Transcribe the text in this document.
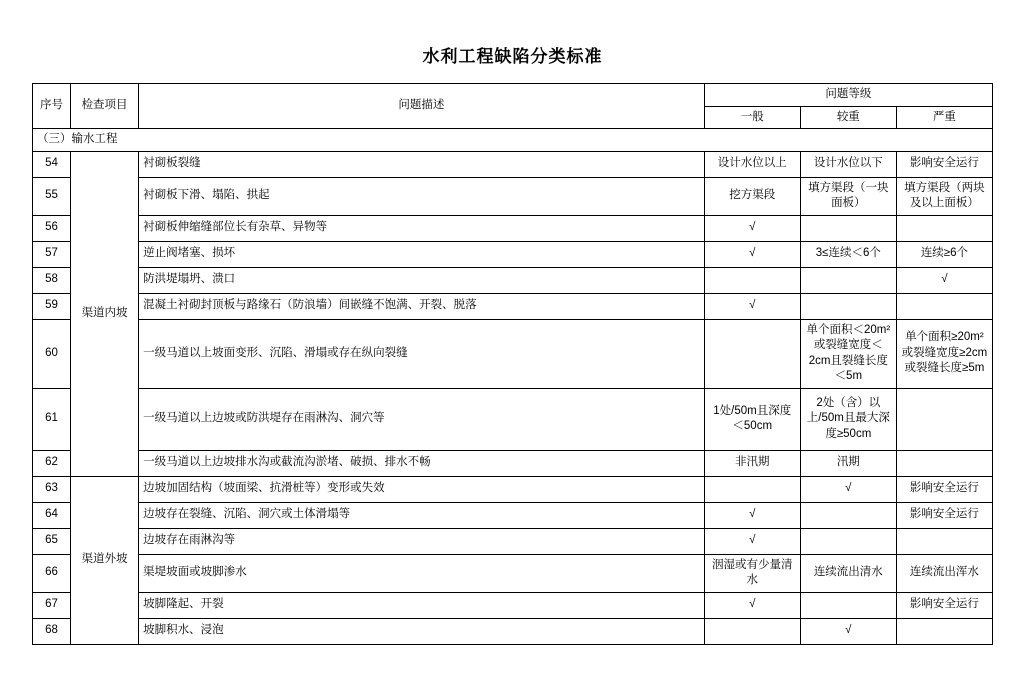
水利工程缺陷分类标准
序号	检查项目	问题描述	问题等级		
			一般	较重	严重
（三）输水工程					
54	渠道内坡	衬砌板裂缝	设计水位以上	设计水位以下	影响安全运行
55		衬砌板下滑、塌陷、拱起	挖方渠段	填方渠段（一块面板）	填方渠段（两块及以上面板）
56		衬砌板伸缩缝部位长有杂草、异物等	√		
57		逆止阀堵塞、损坏	√	3≤连续＜6个	连续≥6个
58		防洪堤塌坍、溃口			√
59		混凝土衬砌封顶板与路缘石（防浪墙）间嵌缝不饱满、开裂、脱落	√		
60		一级马道以上坡面变形、沉陷、滑塌或存在纵向裂缝		单个面积＜20m²或裂缝宽度＜2cm且裂缝长度＜5m	单个面积≥20m²或裂缝宽度≥2cm或裂缝长度≥5m
61		一级马道以上边坡或防洪堤存在雨淋沟、洞穴等	1处/50m且深度＜50cm	2处（含）以上/50m且最大深度≥50cm	
62		一级马道以上边坡排水沟或截流沟淤堵、破损、排水不畅	非汛期	汛期	
63	渠道外坡	边坡加固结构（坡面梁、抗滑桩等）变形或失效		√	影响安全运行
64		边坡存在裂缝、沉陷、洞穴或土体滑塌等	√		影响安全运行
65		边坡存在雨淋沟等	√		
66		渠堤坡面或坡脚渗水	洇湿或有少量清水	连续流出清水	连续流出浑水
67		坡脚隆起、开裂	√		影响安全运行
68		坡脚积水、浸泡		√	
